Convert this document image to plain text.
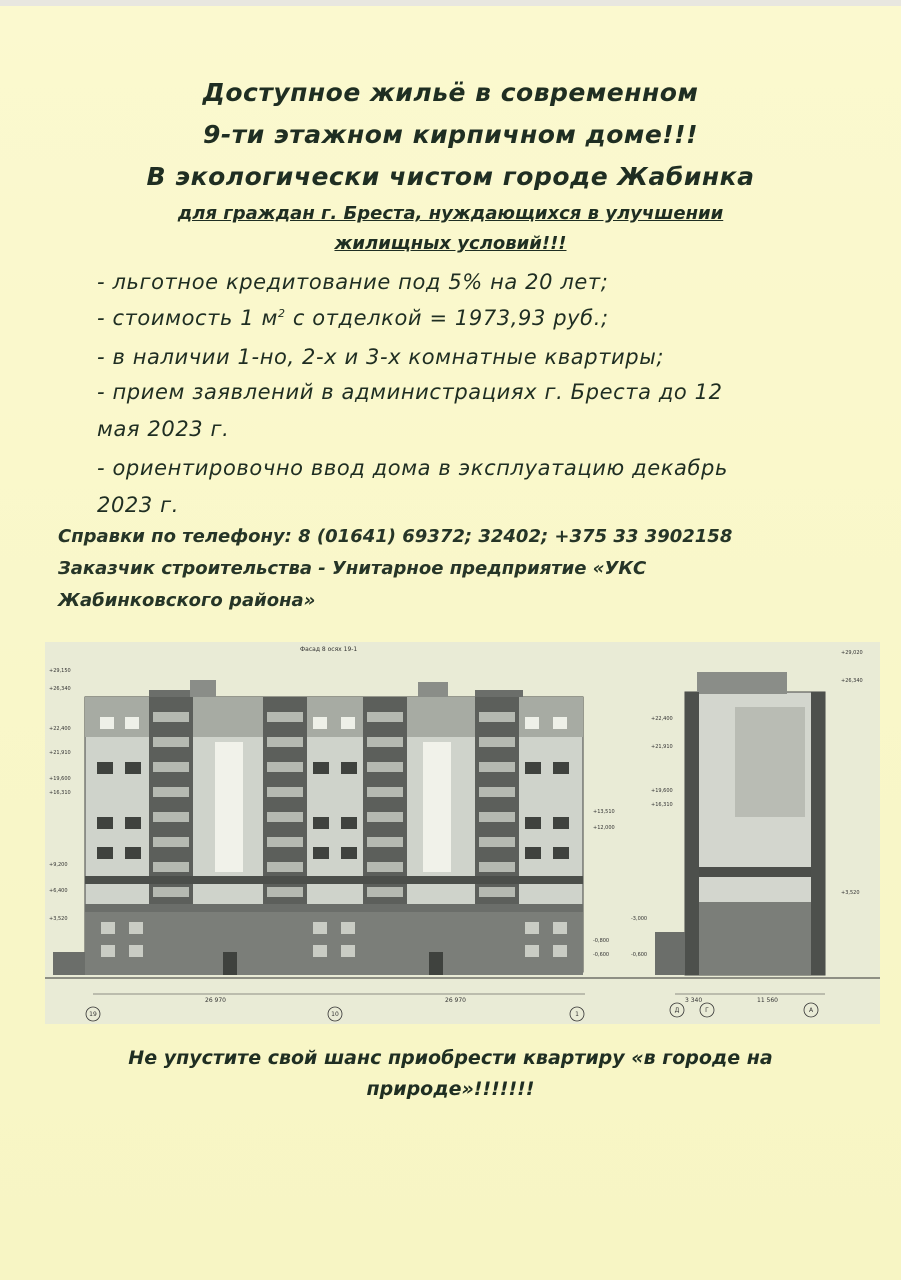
Доступное жильё в современном
9-ти этажном кирпичном доме!!!
В экологически чистом городе Жабинка
для граждан г. Бреста, нуждающихся в улучшении
жилищных условий!!!
- льготное кредитование под 5% на 20 лет;
- стоимость 1 $м^2$ с отделкой = 1973,93 руб.;
- в наличии 1-но, 2-х и 3-х комнатные квартиры;
- прием заявлений в администрациях г. Бреста до 12
мая 2023 г.
- ориентировочно ввод дома в эксплуатацию декабрь
2023 г.
Справки по телефону: 8 (01641) 69372; 32402; +375 33 3902158
Заказчик строительства - Унитарное предприятие «УКС
Жабинковского района»
Фасад 8 осях 19-1
+29,150
+26,340
+22,400
+21,910
+19,600
+16,310
+13,510
+12,000
+9,200
+6,400
+3,520
-0,800
-0,600
+29,020
+26,340
+22,400
+21,910
+19,600
+16,310
+3,520
-3,000
-0,600
26 970	26 970	3 340	11 560
19	10	1
Д	Г	А
Не упустите свой шанс приобрести квартиру «в городе на
природе»!!!!!!!
